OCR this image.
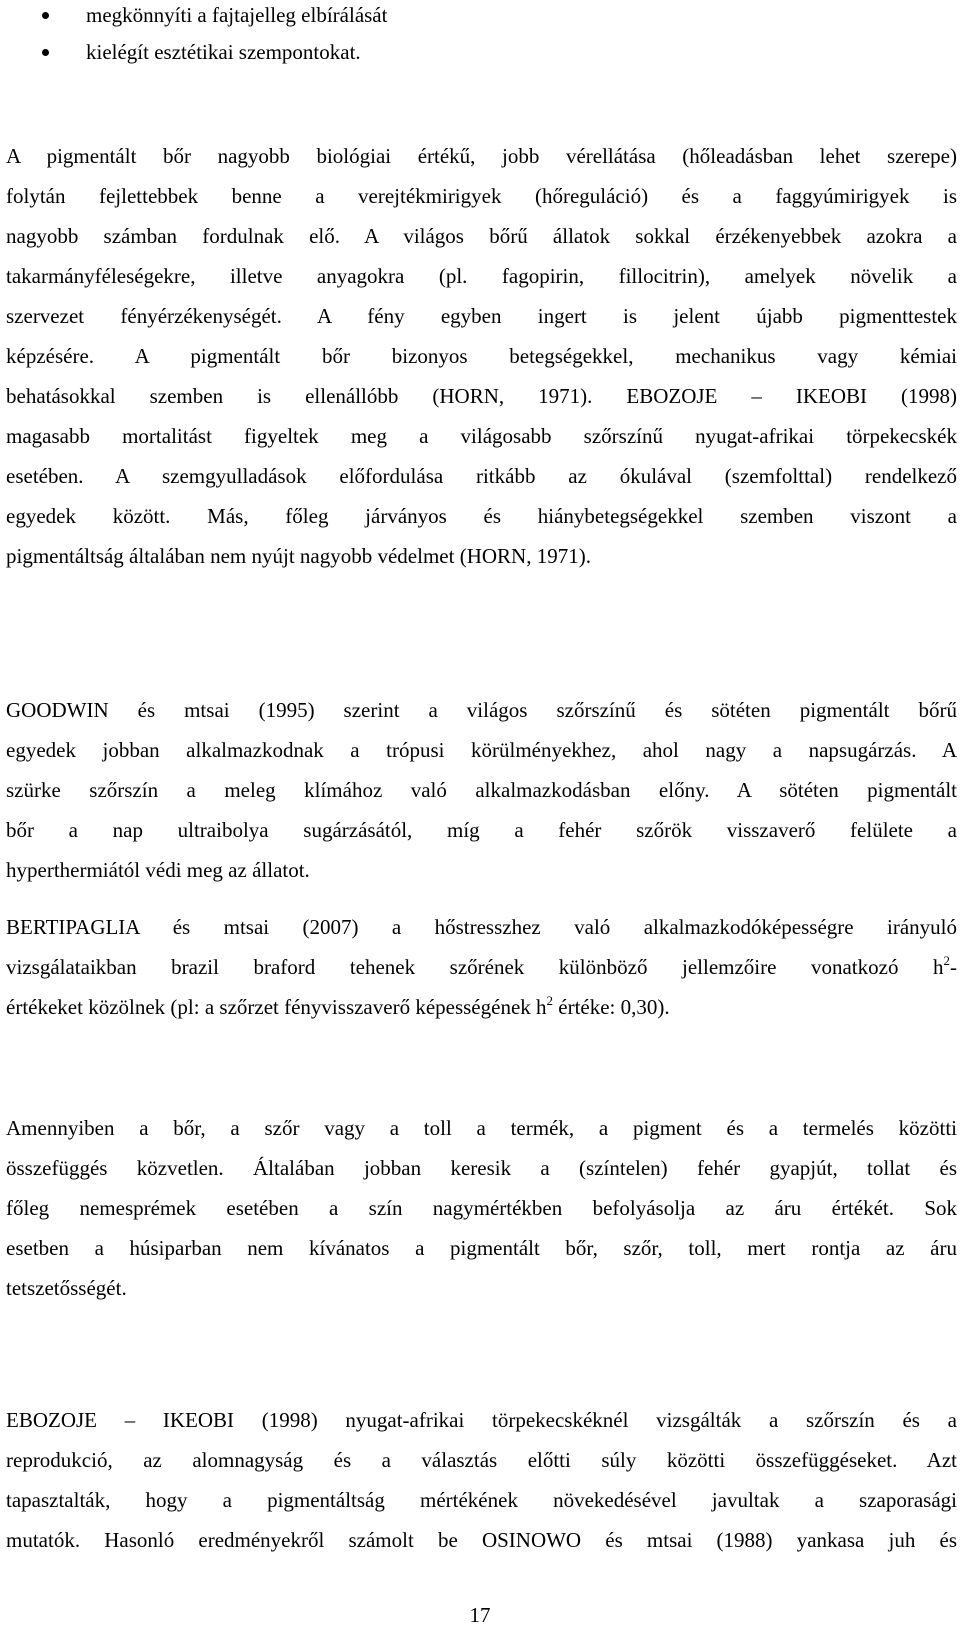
megkönnyíti a fajtajelleg elbírálását
kielégít esztétikai szempontokat.
A pigmentált bőr nagyobb biológiai értékű, jobb vérellátása (hőleadásban lehet szerepe)
folytán fejlettebbek benne a verejtékmirigyek (hőreguláció) és a faggyúmirigyek is
nagyobb számban fordulnak elő. A világos bőrű állatok sokkal érzékenyebbek azokra a
takarmányféleségekre, illetve anyagokra (pl. fagopirin, fillocitrin), amelyek növelik a
szervezet fényérzékenységét. A fény egyben ingert is jelent újabb pigmenttestek
képzésére. A pigmentált bőr bizonyos betegségekkel, mechanikus vagy kémiai
behatásokkal szemben is ellenállóbb (HORN, 1971). EBOZOJE – IKEOBI (1998)
magasabb mortalitást figyeltek meg a világosabb szőrszínű nyugat-afrikai törpekecskék
esetében. A szemgyulladások előfordulása ritkább az ókulával (szemfolttal) rendelkező
egyedek között. Más, főleg járványos és hiánybetegségekkel szemben viszont a
pigmentáltság általában nem nyújt nagyobb védelmet (HORN, 1971).
GOODWIN és mtsai (1995) szerint a világos szőrszínű és sötéten pigmentált bőrű
egyedek jobban alkalmazkodnak a trópusi körülményekhez, ahol nagy a napsugárzás. A
szürke szőrszín a meleg klímához való alkalmazkodásban előny. A sötéten pigmentált
bőr a nap ultraibolya sugárzásától, míg a fehér szőrök visszaverő felülete a
hyperthermiától védi meg az állatot.
BERTIPAGLIA és mtsai (2007) a hőstresszhez való alkalmazkodóképességre irányuló
vizsgálataikban brazil braford tehenek szőrének különböző jellemzőire vonatkozó $h^2-$
értékeket közölnek (pl: a szőrzet fényvisszaverő képességének $h^2$ értéke: 0,30).
Amennyiben a bőr, a szőr vagy a toll a termék, a pigment és a termelés közötti
összefüggés közvetlen. Általában jobban keresik a (színtelen) fehér gyapjút, tollat és
főleg nemesprémek esetében a szín nagymértékben befolyásolja az áru értékét. Sok
esetben a húsiparban nem kívánatos a pigmentált bőr, szőr, toll, mert rontja az áru
tetszetősségét.
EBOZOJE – IKEOBI (1998) nyugat-afrikai törpekecskéknél vizsgálták a szőrszín és a
reprodukció, az alomnagyság és a választás előtti súly közötti összefüggéseket. Azt
tapasztalták, hogy a pigmentáltság mértékének növekedésével javultak a szaporasági
mutatók. Hasonló eredményekről számolt be OSINOWO és mtsai (1988) yankasa juh és
17
